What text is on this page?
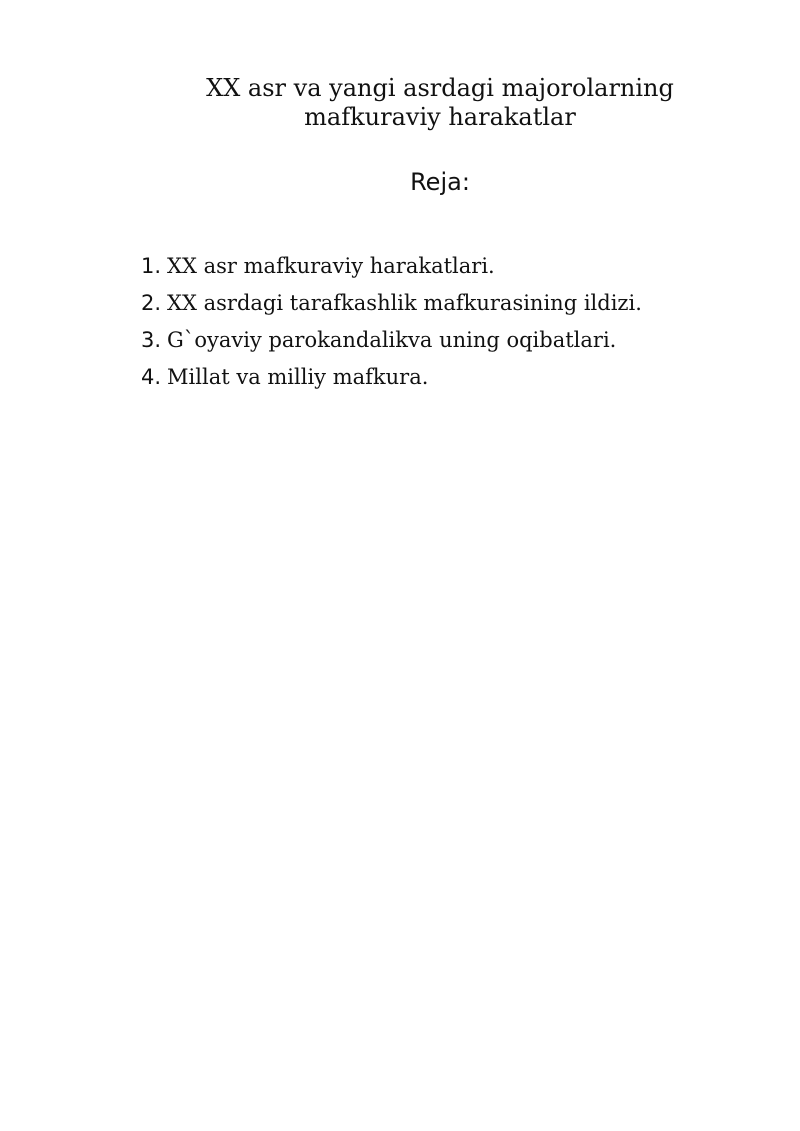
XX asr va yangi asrdagi majorolarning
mafkuraviy harakatlar
Reja:
1. XX asr mafkuraviy harakatlari.
2. XX asrdagi tarafkashlik mafkurasining ildizi.
3. G`oyaviy parokandalikva uning oqibatlari.
4. Millat va milliy mafkura.
